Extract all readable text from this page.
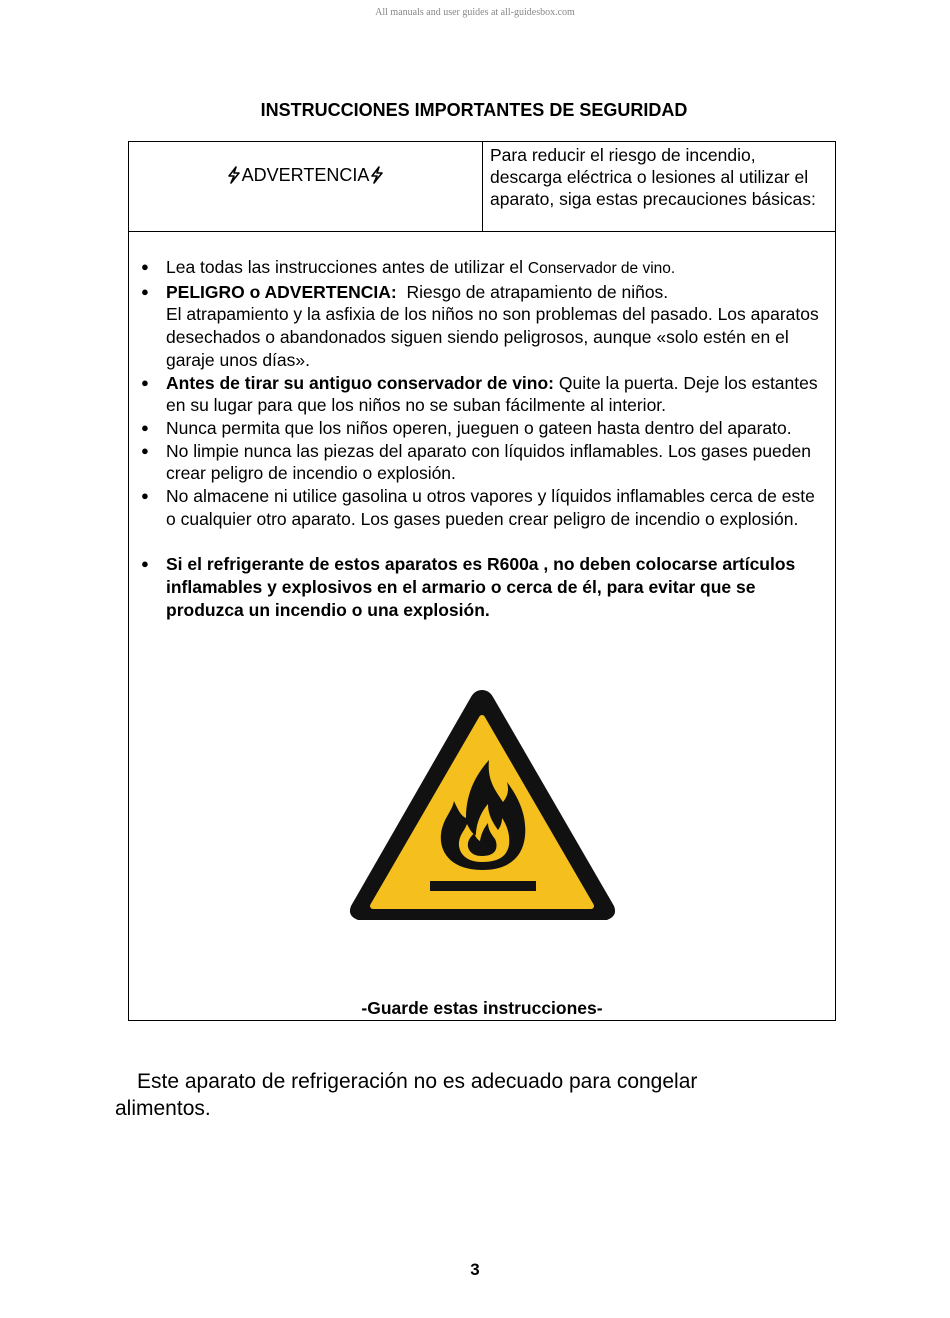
All manuals and user guides at all-guidesbox.com
INSTRUCCIONES IMPORTANTES DE SEGURIDAD
ADVERTENCIA
Para reducir el riesgo de incendio, descarga eléctrica o lesiones al utilizar el aparato, siga estas precauciones básicas:
● Lea todas las instrucciones antes de utilizar el Conservador de vino.
● PELIGRO o ADVERTENCIA:  Riesgo de atrapamiento de niños.
El atrapamiento y la asfixia de los niños no son problemas del pasado. Los aparatos desechados o abandonados siguen siendo peligrosos, aunque «solo estén en el garaje unos días».
● Antes de tirar su antiguo conservador de vino: Quite la puerta. Deje los estantes en su lugar para que los niños no se suban fácilmente al interior.
● Nunca permita que los niños operen, jueguen o gateen hasta dentro del aparato.
● No limpie nunca las piezas del aparato con líquidos inflamables. Los gases pueden crear peligro de incendio o explosión.
● No almacene ni utilice gasolina u otros vapores y líquidos inflamables cerca de este o cualquier otro aparato. Los gases pueden crear peligro de incendio o explosión.
● Si el refrigerante de estos aparatos es R600a , no deben colocarse artículos inflamables y explosivos en el armario o cerca de él, para evitar que se produzca un incendio o una explosión.
-Guarde estas instrucciones-
Este aparato de refrigeración no es adecuado para congelar
alimentos.
3
